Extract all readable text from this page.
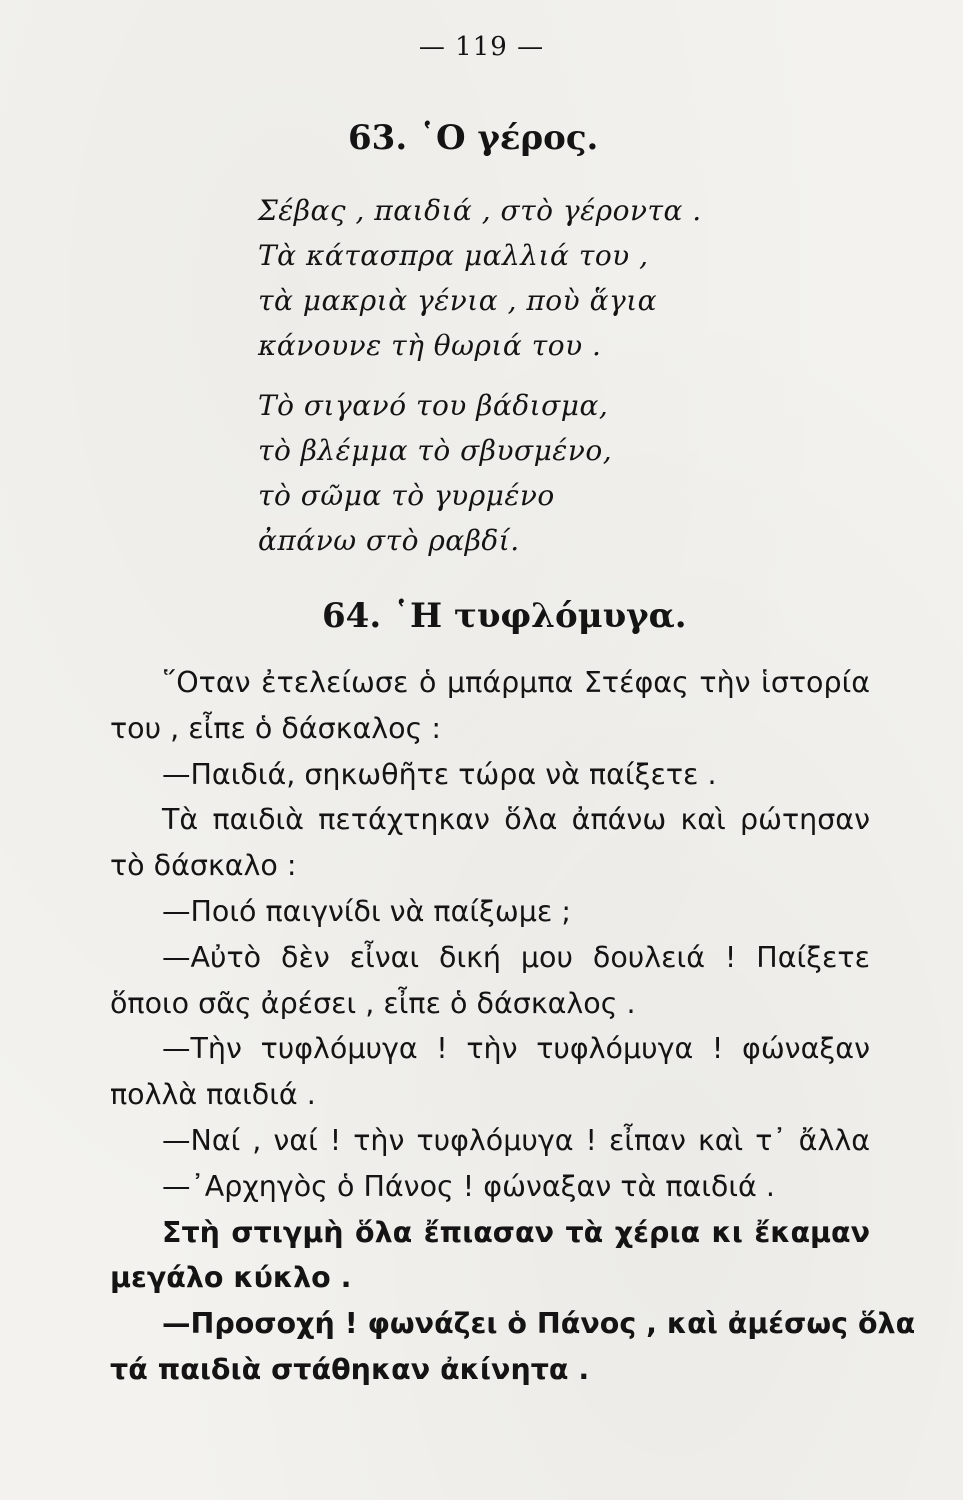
— 119 —
63. ῾Ο γέρος.
Σέβας , παιδιά , στὸ γέροντα .
Τὰ κάτασπρα μαλλιά του ,
τὰ μακριὰ γένια , ποὺ ἅγια
κάνουνε τὴ θωριά του .
Τὸ σιγανό του βάδισμα,
τὸ βλέμμα τὸ σβυσμένο,
τὸ σῶμα τὸ γυρμένο
ἀπάνω στὸ ραβδί.
64. ῾Η τυφλόμυγα.
῞Οταν ἐτελείωσε ὁ μπάρμπα Στέφας τὴν ἱστορία
του , εἶπε ὁ δάσκαλος :
—Παιδιά, σηκωθῆτε τώρα νὰ παίξετε .
Τὰ παιδιὰ πετάχτηκαν ὅλα ἀπάνω καὶ ρώτησαν
τὸ δάσκαλο :
—Ποιό παιγνίδι νὰ παίξωμε ;
—Αὐτὸ δὲν εἶναι δική μου δουλειά ! Παίξετε
ὅποιο σᾶς ἀρέσει , εἶπε ὁ δάσκαλος .
—Τὴν τυφλόμυγα ! τὴν τυφλόμυγα ! φώναξαν
πολλὰ παιδιά .
—Ναί , ναί ! τὴν τυφλόμυγα ! εἶπαν καὶ τ᾽ ἄλλα
—᾽Αρχηγὸς ὁ Πάνος ! φώναξαν τὰ παιδιά .
Στὴ στιγμὴ ὅλα ἔπιασαν τὰ χέρια κι ἔκαμαν
μεγάλο κύκλο .
—Προσοχή ! φωνάζει ὁ Πάνος , καὶ ἀμέσως ὅλα
τά παιδιὰ στάθηκαν ἀκίνητα .
